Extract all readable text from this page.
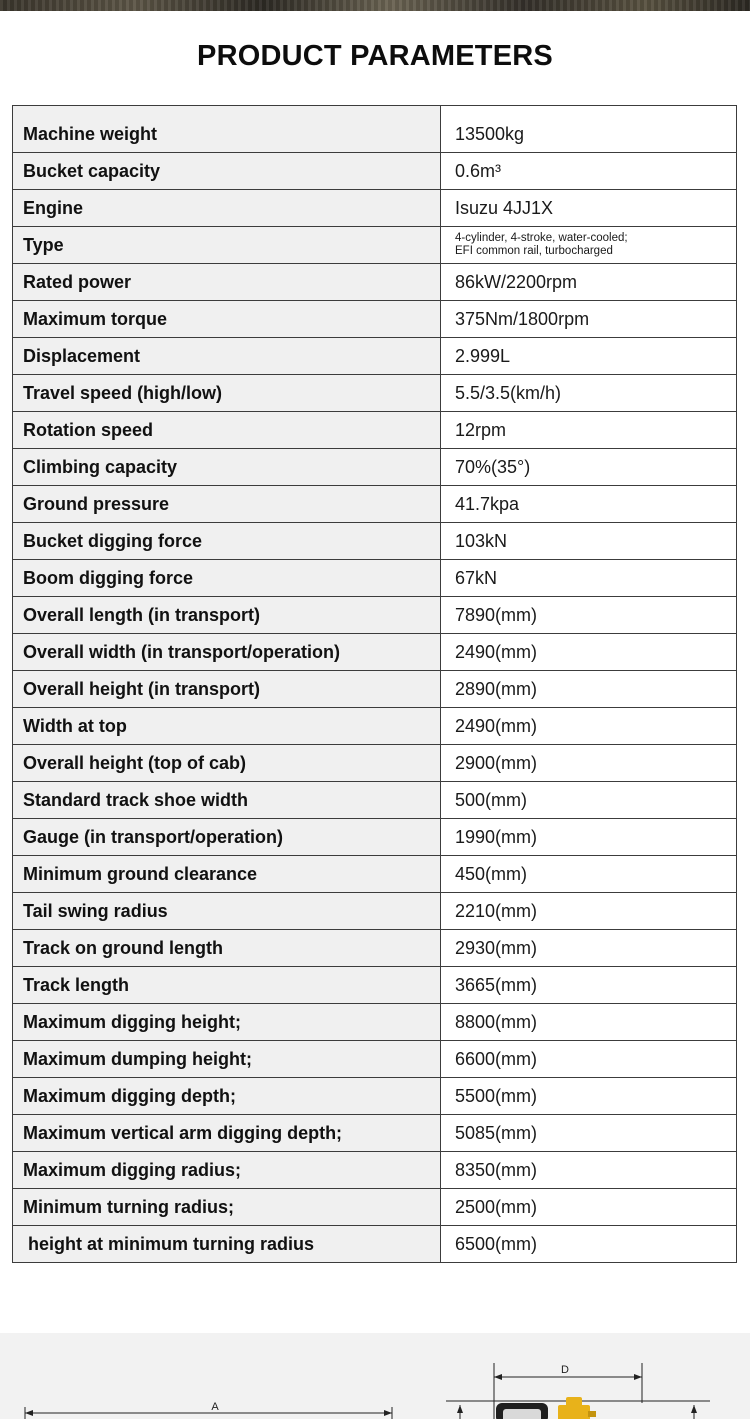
PRODUCT PARAMETERS
Machine weight	13500kg
Bucket capacity	0.6m³
Engine	Isuzu 4JJ1X
Type	4-cylinder, 4-stroke, water-cooled;
EFI common rail, turbocharged
Rated power	86kW/2200rpm
Maximum torque	375Nm/1800rpm
Displacement	2.999L
Travel speed (high/low)	5.5/3.5(km/h)
Rotation speed	12rpm
Climbing capacity	70%(35°)
Ground pressure	41.7kpa
Bucket digging force	103kN
Boom digging force	67kN
Overall length (in transport)	7890(mm)
Overall width (in transport/operation)	2490(mm)
Overall height (in transport)	2890(mm)
Width at top	2490(mm)
Overall height (top of cab)	2900(mm)
Standard track shoe width	500(mm)
Gauge (in transport/operation)	1990(mm)
Minimum ground clearance	450(mm)
Tail swing radius	2210(mm)
Track on ground length	2930(mm)
Track length	3665(mm)
Maximum digging height;	8800(mm)
Maximum dumping height;	6600(mm)
Maximum digging depth;	5500(mm)
Maximum vertical arm digging depth;	5085(mm)
Maximum digging radius;	8350(mm)
Minimum turning radius;	2500(mm)
height at minimum turning radius	6500(mm)
A
D
